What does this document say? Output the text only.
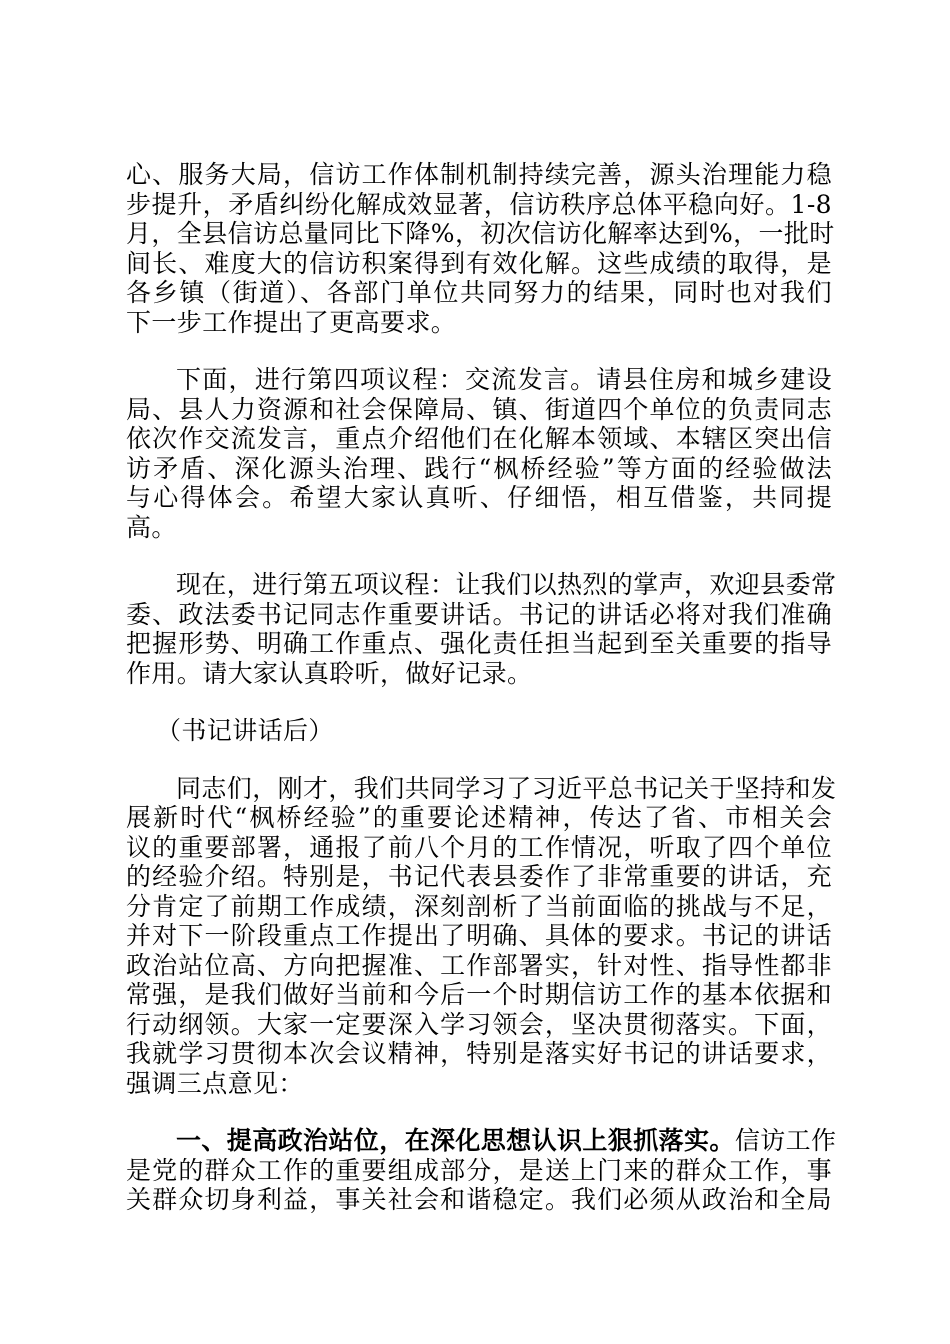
心、服务大局，信访工作体制机制持续完善，源头治理能力稳
步提升，矛盾纠纷化解成效显著，信访秩序总体平稳向好。1-8
月，全县信访总量同比下降%，初次信访化解率达到%，一批时
间长、难度大的信访积案得到有效化解。这些成绩的取得，是
各乡镇（街道）、各部门单位共同努力的结果，同时也对我们
下一步工作提出了更高要求。
下面，进行第四项议程：交流发言。请县住房和城乡建设
局、县人力资源和社会保障局、镇、街道四个单位的负责同志
依次作交流发言，重点介绍他们在化解本领域、本辖区突出信
访矛盾、深化源头治理、践行“枫桥经验”等方面的经验做法
与心得体会。希望大家认真听、仔细悟，相互借鉴，共同提
高。
现在，进行第五项议程：让我们以热烈的掌声，欢迎县委常
委、政法委书记同志作重要讲话。书记的讲话必将对我们准确
把握形势、明确工作重点、强化责任担当起到至关重要的指导
作用。请大家认真聆听，做好记录。
（书记讲话后）
同志们，刚才，我们共同学习了习近平总书记关于坚持和发
展新时代“枫桥经验”的重要论述精神，传达了省、市相关会
议的重要部署，通报了前八个月的工作情况，听取了四个单位
的经验介绍。特别是，书记代表县委作了非常重要的讲话，充
分肯定了前期工作成绩，深刻剖析了当前面临的挑战与不足，
并对下一阶段重点工作提出了明确、具体的要求。书记的讲话
政治站位高、方向把握准、工作部署实，针对性、指导性都非
常强，是我们做好当前和今后一个时期信访工作的基本依据和
行动纲领。大家一定要深入学习领会，坚决贯彻落实。下面，
我就学习贯彻本次会议精神，特别是落实好书记的讲话要求，
强调三点意见：
一、提高政治站位，在深化思想认识上狠抓落实。信访工作
是党的群众工作的重要组成部分，是送上门来的群众工作，事
关群众切身利益，事关社会和谐稳定。我们必须从政治和全局
